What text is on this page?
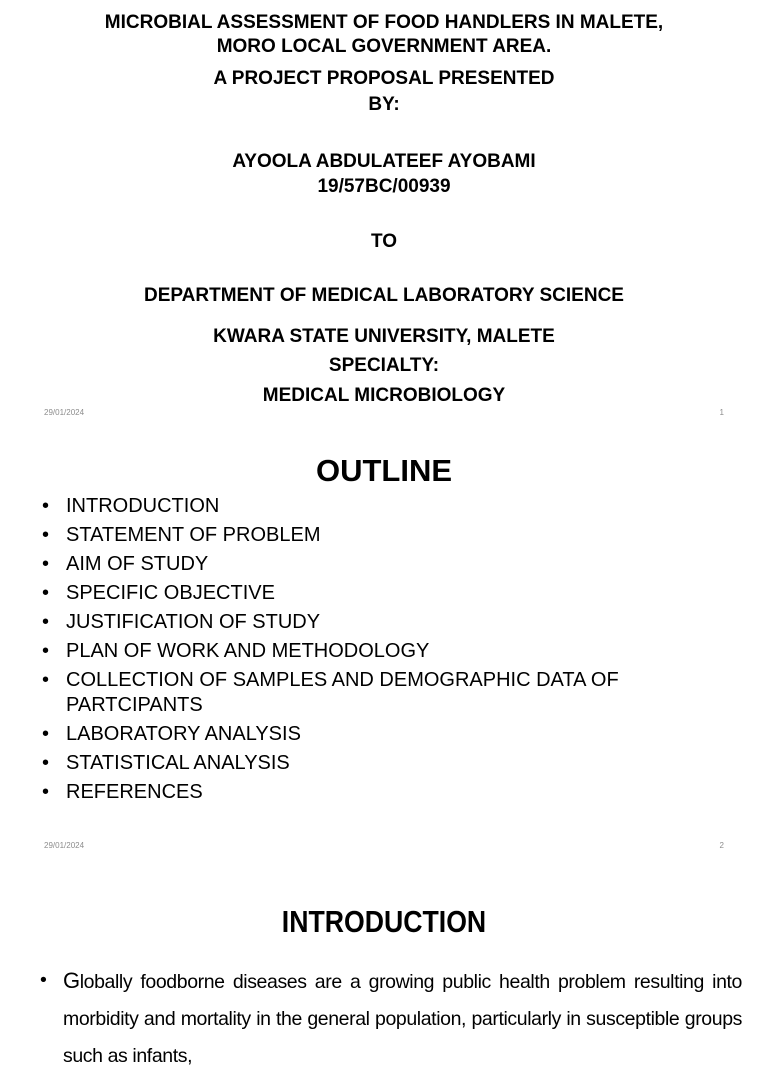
MICROBIAL ASSESSMENT OF FOOD HANDLERS IN MALETE,
MORO LOCAL GOVERNMENT AREA.
A PROJECT PROPOSAL PRESENTED
BY:
AYOOLA ABDULATEEF AYOBAMI
19/57BC/00939
TO
DEPARTMENT OF MEDICAL LABORATORY SCIENCE
KWARA STATE UNIVERSITY, MALETE
SPECIALTY:
MEDICAL MICROBIOLOGY
29/01/2024	1
OUTLINE
• INTRODUCTION
• STATEMENT OF PROBLEM
• AIM OF STUDY
• SPECIFIC OBJECTIVE
• JUSTIFICATION OF STUDY
• PLAN OF WORK AND METHODOLOGY
• COLLECTION OF SAMPLES AND DEMOGRAPHIC DATA OF PARTCIPANTS
• LABORATORY ANALYSIS
• STATISTICAL ANALYSIS
• REFERENCES
29/01/2024	2
INTRODUCTION
• Globally foodborne diseases are a growing public health problem resulting into morbidity and mortality in the general population, particularly in susceptible groups such as infants,
